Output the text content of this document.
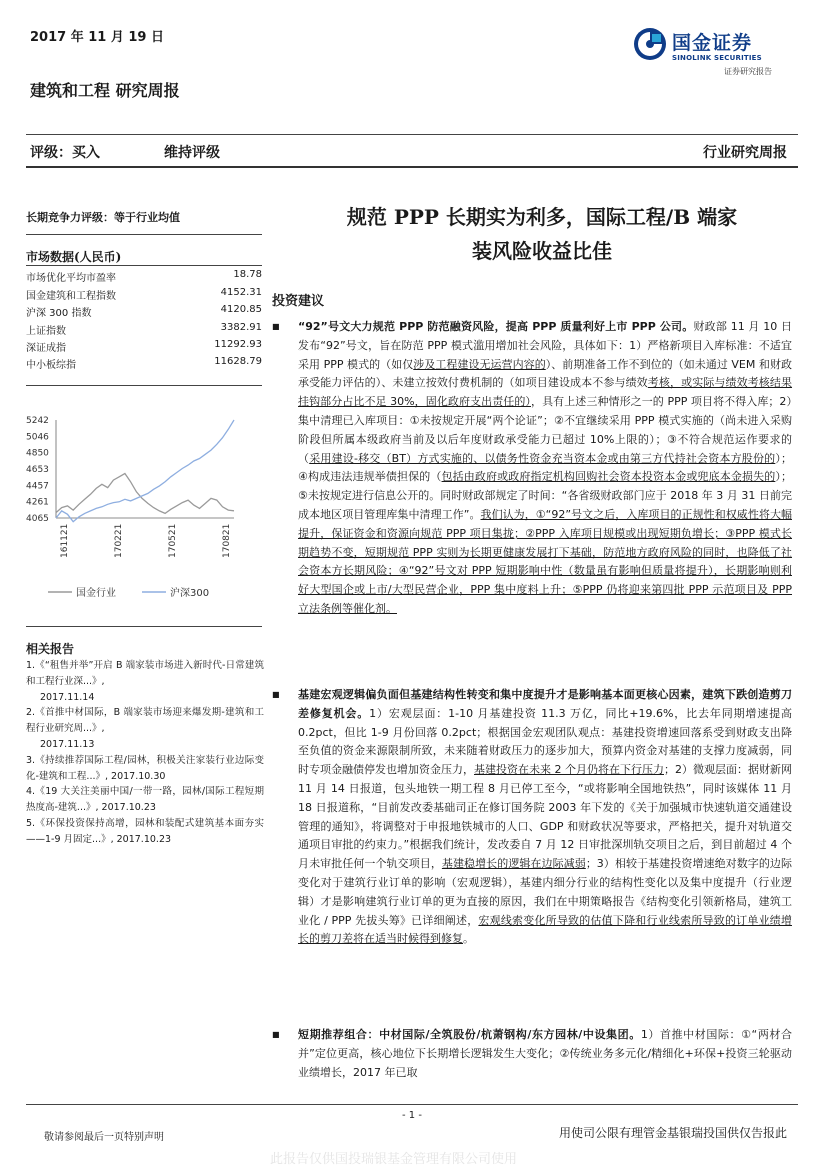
2017 年 11 月 19 日	国金证券
SINOLINK SECURITIES
证券研究报告
建筑和工程 研究周报
评级：买入	维持评级	行业研究周报
长期竞争力评级：等于行业均值
市场数据(人民币)
市场优化平均市盈率	18.78
国金建筑和工程指数	4152.31
沪深 300 指数	4120.85
上证指数	3382.91
深证成指	11292.93
中小板综指	11628.79
5242
5046
4850
4653
4457
4261
4065
161121	170221	170521	170821
国金行业	沪深300
相关报告
1.《“租售并举”开启 B 端家装市场进入新时代-日常建筑和工程行业深...》,
2017.11.14
2.《首推中材国际，B 端家装市场迎来爆发期-建筑和工程行业研究周...》,
2017.11.13
3.《持续推荐国际工程/园林，积极关注家装行业边际变化-建筑和工程...》, 2017.10.30
4.《19 大关注美丽中国/一带一路，园林/国际工程短期热度高-建筑...》, 2017.10.23
5.《环保投资保持高增，园林和装配式建筑基本面夯实——1-9 月固定...》, 2017.10.23
规范 PPP 长期实为利多，国际工程/B 端家
装风险收益比佳
投资建议
■	“92”号文大力规范 PPP 防范融资风险，提高 PPP 质量利好上市 PPP 公司。财政部 11 月 10 日发布“92”号文，旨在防范 PPP 模式滥用增加社会风险，具体如下：1）严格新项目入库标准：不适宜采用 PPP 模式的（如仅涉及工程建设无运营内容的）、前期准备工作不到位的（如未通过 VEM 和财政承受能力评估的）、未建立按效付费机制的（如项目建设成本不参与绩效考核，或实际与绩效考核结果挂钩部分占比不足 30%，固化政府支出责任的），具有上述三种情形之一的 PPP 项目将不得入库；2）集中清理已入库项目：①未按规定开展“两个论证”；②不宜继续采用 PPP 模式实施的（尚未进入采购阶段但所属本级政府当前及以后年度财政承受能力已超过 10%上限的）；③不符合规范运作要求的（采用建设-移交（BT）方式实施的、以债务性资金充当资本金或由第三方代持社会资本方股份的）；④构成违法违规举债担保的（包括由政府或政府指定机构回购社会资本投资本金或兜底本金损失的）；⑤未按规定进行信息公开的。同时财政部规定了时间：“各省级财政部门应于 2018 年 3 月 31 日前完成本地区项目管理库集中清理工作”。我们认为，①“92”号文之后，入库项目的正规性和权威性将大幅提升，保证资金和资源向规范 PPP 项目集拢；②PPP 入库项目规模或出现短期负增长；③PPP 模式长期趋势不变，短期规范 PPP 实则为长期更健康发展打下基础，防范地方政府风险的同时，也降低了社会资本方长期风险；④“92”号文对 PPP 短期影响中性（数量虽有影响但质量将提升），长期影响则利好大型国企或上市/大型民营企业，PPP 集中度料上升；⑤PPP 仍将迎来第四批 PPP 示范项目及 PPP 立法条例等催化剂。
■	基建宏观逻辑偏负面但基建结构性转变和集中度提升才是影响基本面更核心因素，建筑下跌创造剪刀差修复机会。1）宏观层面：1-10 月基建投资 11.3 万亿，同比+19.6%，比去年同期增速提高 0.2pct，但比 1-9 月份回落 0.2pct；根据国金宏观团队观点：基建投资增速回落系受到财政支出降至负值的资金来源限制所致，未来随着财政压力的逐步加大，预算内资金对基建的支撑力度减弱，同时专项金融债停发也增加资金压力，基建投资在未来 2 个月仍将在下行压力；2）微观层面：据财新网 11 月 14 日报道，包头地铁一期工程 8 月已停工至今，“或将影响全国地铁热”，同时该媒体 11 月 18 日报道称，“目前发改委基础司正在修订国务院 2003 年下发的《关于加强城市快速轨道交通建设管理的通知》，将调整对于申报地铁城市的人口、GDP 和财政状况等要求，严格把关，提升对轨道交通项目审批的约束力。”根据我们统计，发改委自 7 月 12 日审批深圳轨交项目之后，到目前超过 4 个月未审批任何一个轨交项目，基建稳增长的逻辑在边际减弱；3）相较于基建投资增速绝对数字的边际变化对于建筑行业订单的影响（宏观逻辑），基建内细分行业的结构性变化以及集中度提升（行业逻辑）才是影响建筑行业订单的更为直接的原因，我们在中期策略报告《结构变化引领新格局，建筑工业化 / PPP 先拔头筹》已详细阐述，宏观线索变化所导致的估值下降和行业线索所导致的订单业绩增长的剪刀差将在适当时候得到修复。
■	短期推荐组合：中材国际/全筑股份/杭萧钢构/东方园林/中设集团。1）首推中材国际：①“两材合并”定位更高，核心地位下长期增长逻辑发生大变化；②传统业务多元化/精细化+环保+投资三轮驱动业绩增长，2017 年已取
- 1 -
敬请参阅最后一页特别声明	用使司公限有理管金基银瑞投国供仅告报此
此报告仅供国投瑞银基金管理有限公司使用
